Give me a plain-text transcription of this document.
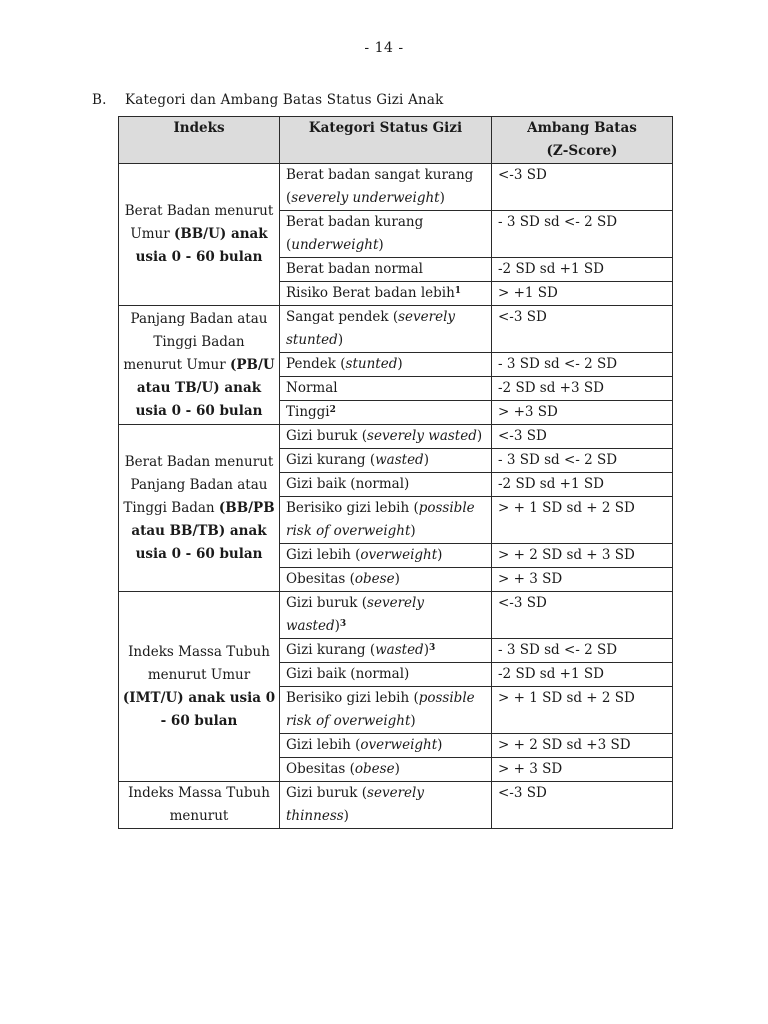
- 14 -
B. Kategori dan Ambang Batas Status Gizi Anak
Indeks	Kategori Status Gizi	Ambang Batas
(Z-Score)
Berat Badan menurut Umur (BB/U) anak usia 0 - 60 bulan	Berat badan sangat kurang (severely underweight)	<-3 SD
	Berat badan kurang (underweight)	- 3 SD sd <- 2 SD
	Berat badan normal	-2 SD sd +1 SD
	Risiko Berat badan lebih$^1$	> +1 SD
Panjang Badan atau Tinggi Badan menurut Umur (PB/U atau TB/U) anak usia 0 - 60 bulan	Sangat pendek (severely stunted)	<-3 SD
	Pendek (stunted)	- 3 SD sd <- 2 SD
	Normal	-2 SD sd +3 SD
	Tinggi$^2$	> +3 SD
Berat Badan menurut Panjang Badan atau Tinggi Badan (BB/PB atau BB/TB) anak usia 0 - 60 bulan	Gizi buruk (severely wasted)	<-3 SD
	Gizi kurang (wasted)	- 3 SD sd <- 2 SD
	Gizi baik (normal)	-2 SD sd +1 SD
	Berisiko gizi lebih (possible risk of overweight)	> + 1 SD sd + 2 SD
	Gizi lebih (overweight)	> + 2 SD sd + 3 SD
	Obesitas (obese)	> + 3 SD
Indeks Massa Tubuh menurut Umur (IMT/U) anak usia 0 - 60 bulan	Gizi buruk (severely wasted)$^3$	<-3 SD
	Gizi kurang (wasted)$^3$	- 3 SD sd <- 2 SD
	Gizi baik (normal)	-2 SD sd +1 SD
	Berisiko gizi lebih (possible risk of overweight)	> + 1 SD sd + 2 SD
	Gizi lebih (overweight)	> + 2 SD sd +3 SD
	Obesitas (obese)	> + 3 SD
Indeks Massa Tubuh menurut	Gizi buruk (severely thinness)	<-3 SD
